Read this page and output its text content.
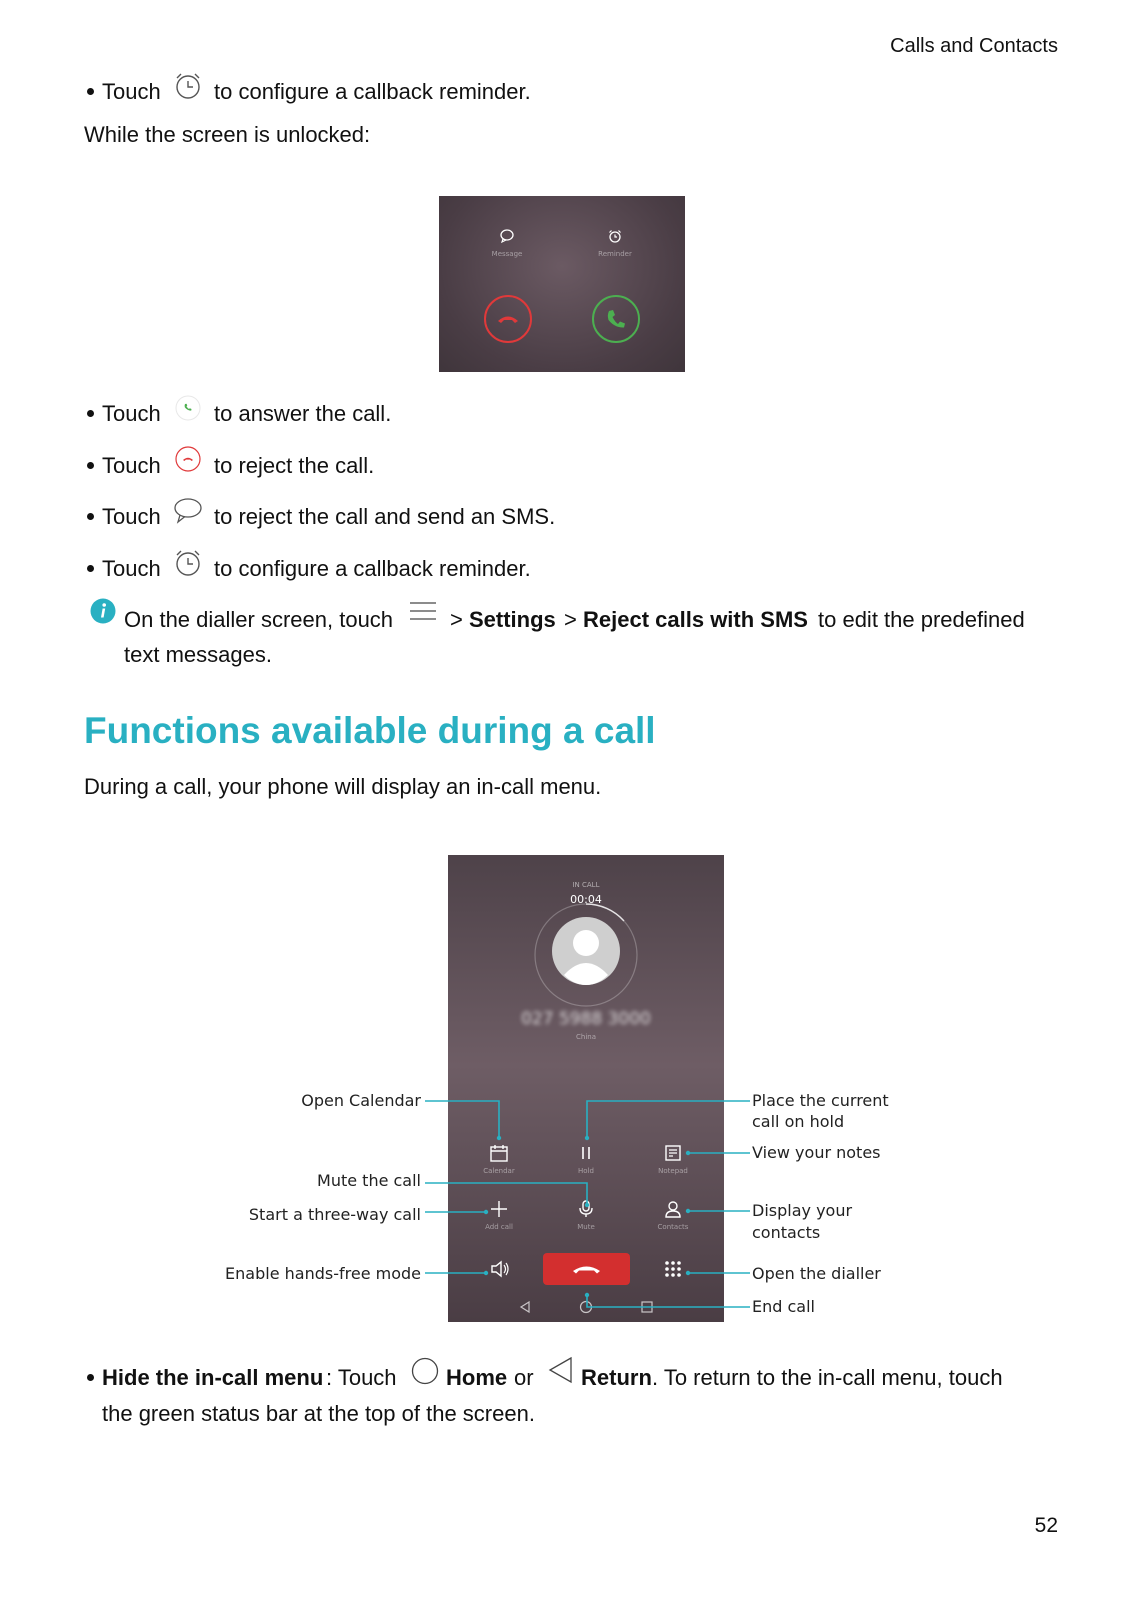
Calls and Contacts
Touch to configure a callback reminder.
While the screen is unlocked:
Message	Reminder
Touch to answer the call.
Touch to reject the call.
Touch to reject the call and send an SMS.
Touch to configure a callback reminder.
On the dialler screen, touch	> Settings > Reject calls with SMS to edit the predefined
text messages.
Functions available during a call
During a call, your phone will display an in-call menu.
IN CALL
00:04
027 5988 3000
China
Calendar	Hold	Notepad
Add call	Mute	Contacts
Open Calendar
Mute the call
Start a three-way call
Enable hands-free mode
Place the current
call on hold
View your notes
Display your
contacts
Open the dialler
End call
Hide the in-call menu : Touch Home or Return . To return to the in-call menu, touch
the green status bar at the top of the screen.
52
